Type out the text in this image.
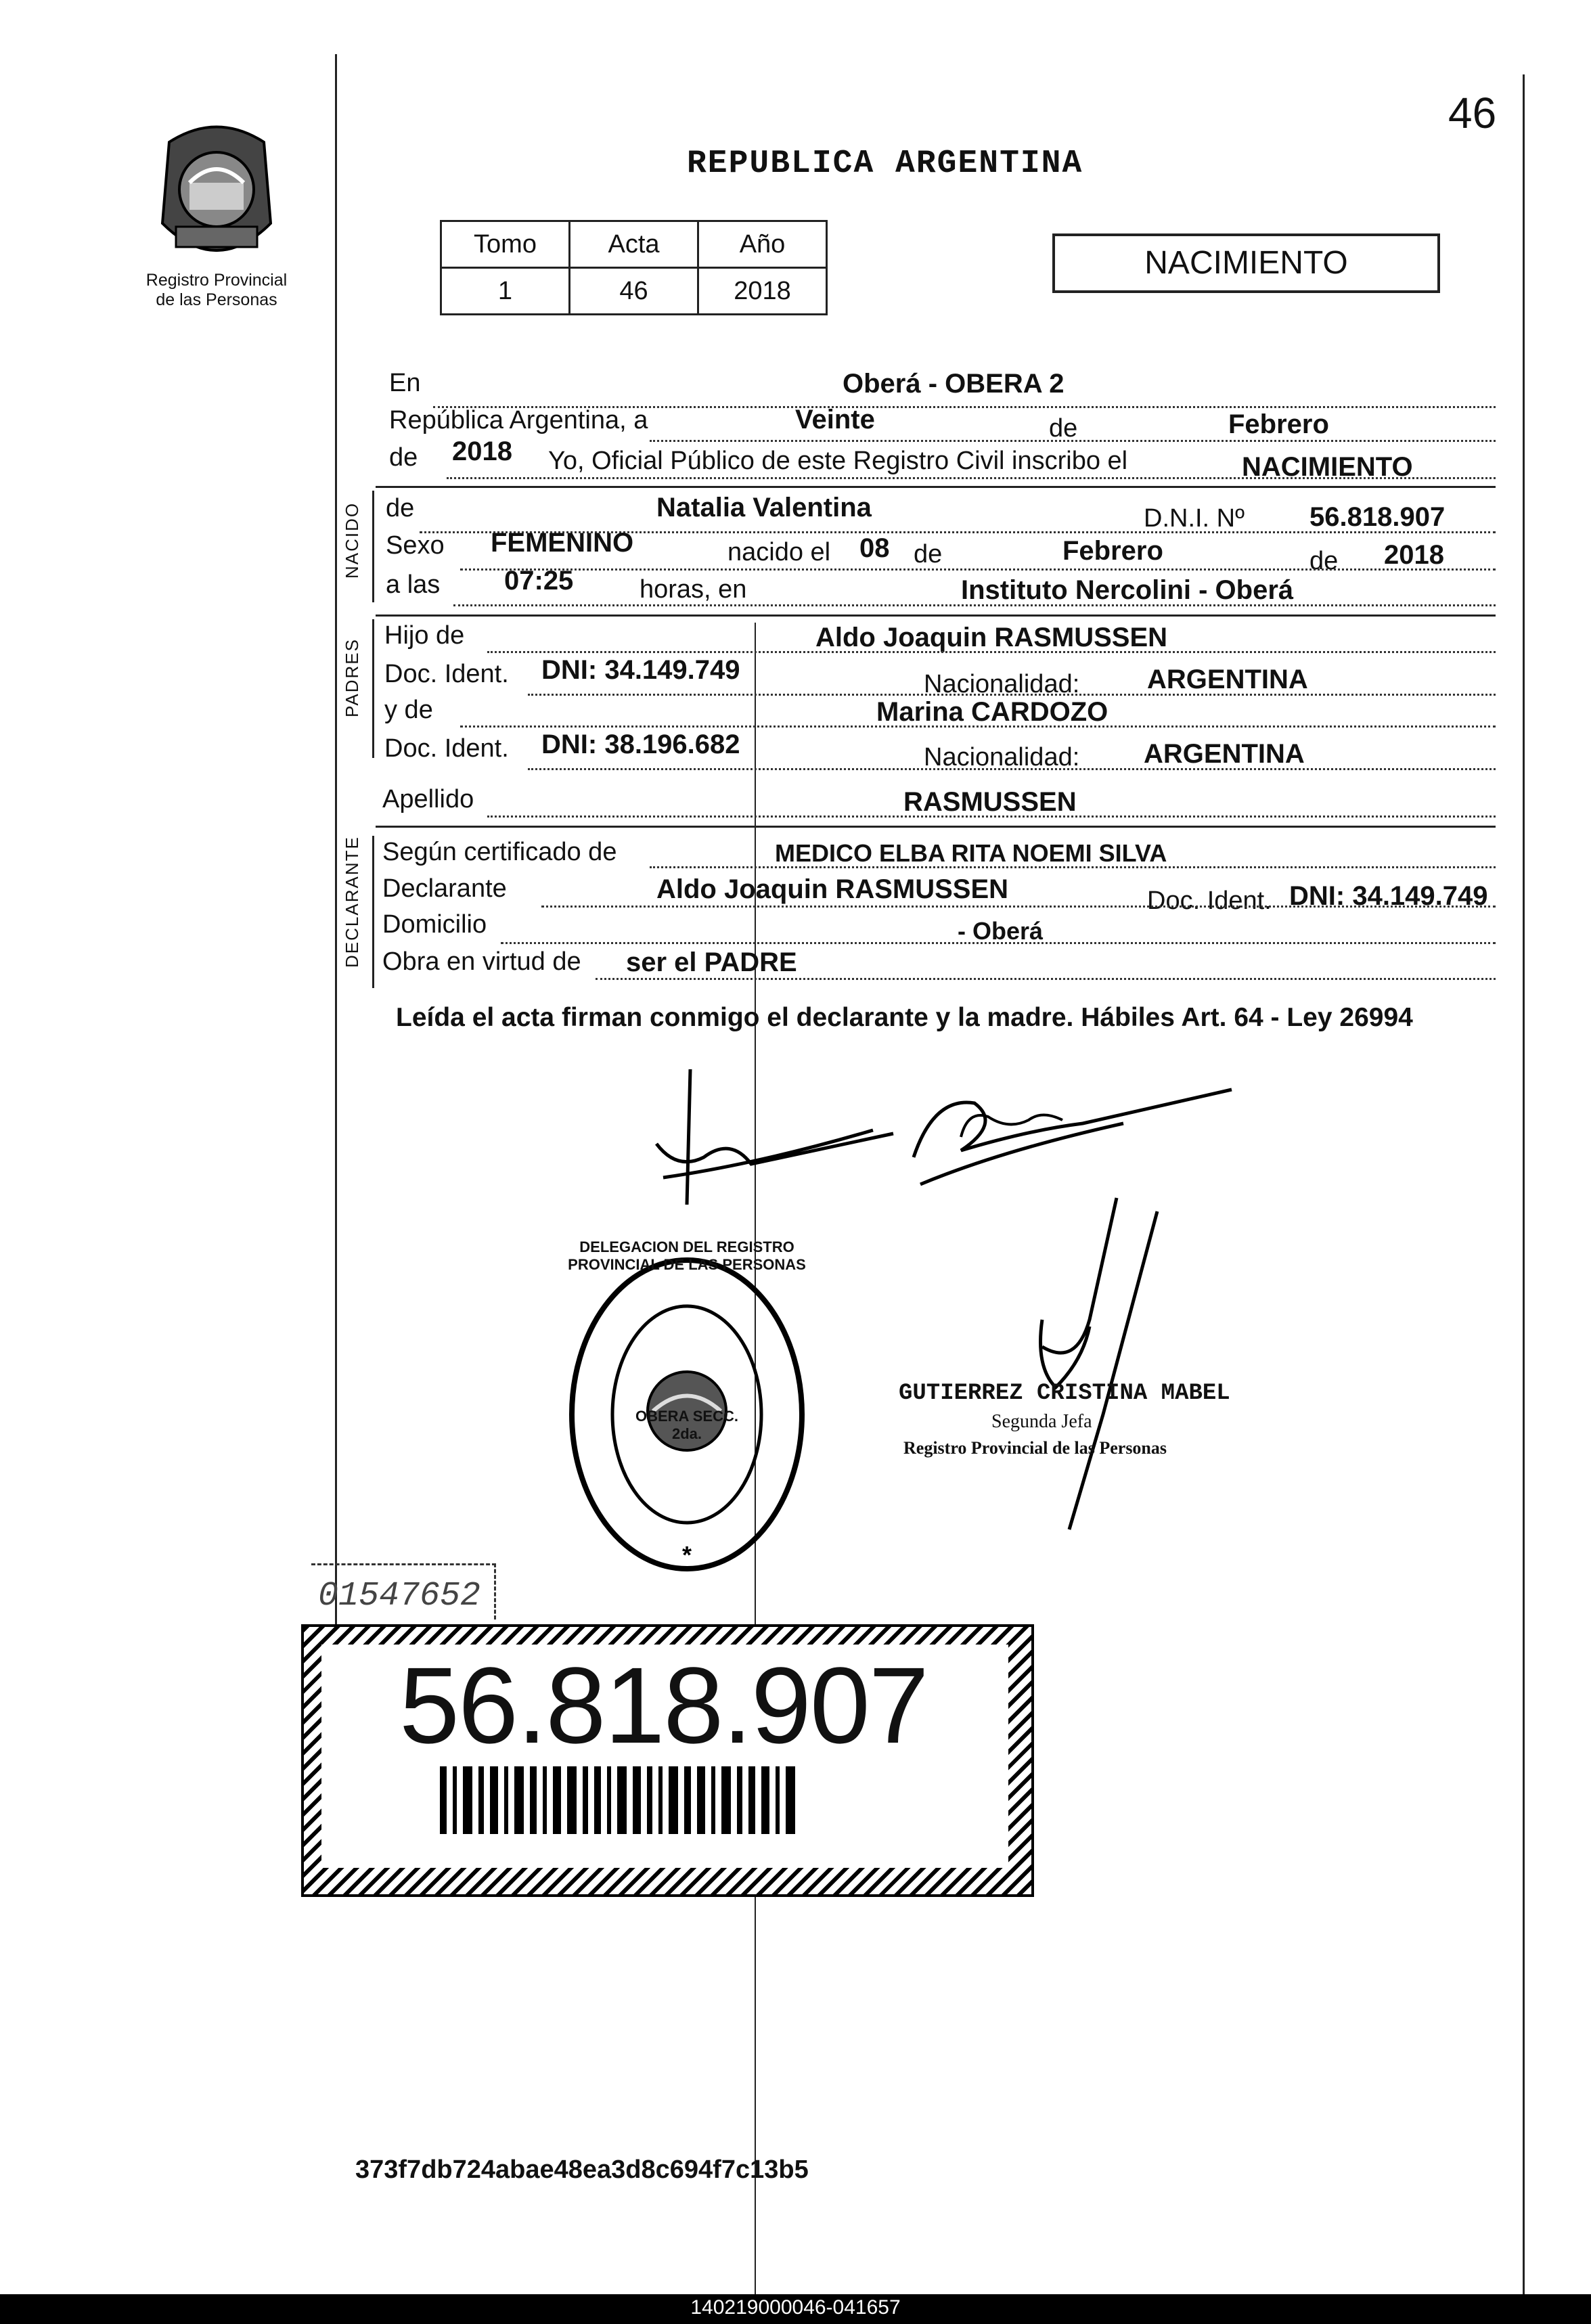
Registro Provincial
de las Personas
46
REPUBLICA ARGENTINA
Tomo	Acta	Año
1	46	2018
NACIMIENTO
En	Oberá - OBERA 2
República Argentina, a	Veinte	de	Febrero
de 2018 Yo, Oficial Público de este Registro Civil inscribo el	NACIMIENTO
NACIDO de	Natalia Valentina	D.N.I. Nº 56.818.907
Sexo FEMENINO	nacido el 08 de	Febrero	de 2018
a las 07:25	horas, en	Instituto Nercolini - Oberá
PADRES
Hijo de	Aldo Joaquin RASMUSSEN
Doc. Ident. DNI: 34.149.749	Nacionalidad: ARGENTINA
y de	Marina CARDOZO
Doc. Ident. DNI: 38.196.682	Nacionalidad: ARGENTINA
Apellido	RASMUSSEN
DECLARANTE Según certificado de	MEDICO ELBA RITA NOEMI SILVA
Declarante	Aldo Joaquin RASMUSSEN	Doc. Ident. DNI: 34.149.749
Domicilio	- Oberá
Obra en virtud de ser el PADRE
Leída el acta firman conmigo el declarante y la madre. Hábiles Art. 64 - Ley 26994
*
OBERA SECC. 2da.
DELEGACION DEL REGISTRO PROVINCIAL DE LAS PERSONAS
GUTIERREZ CRISTINA MABEL
Segunda Jefa
Registro Provincial de las Personas
01547652
56.818.907
373f7db724abae48ea3d8c694f7c13b5
140219000046-041657
